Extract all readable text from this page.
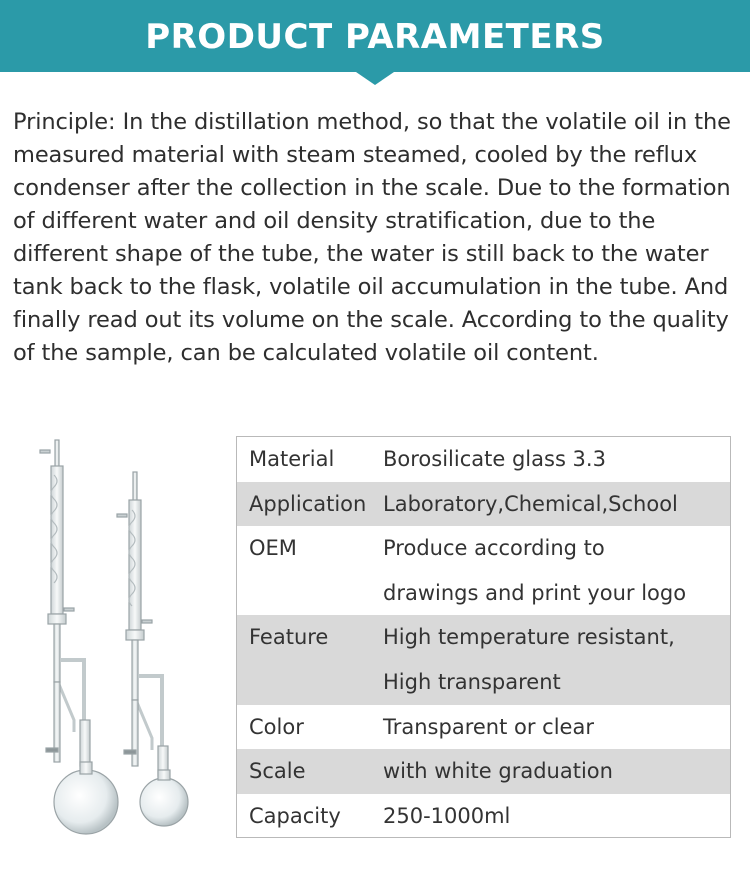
PRODUCT PARAMETERS
Principle: In the distillation method, so that the volatile oil in the measured material with steam steamed, cooled by the reflux condenser after the collection in the scale. Due to the formation of different water and oil density stratification, due to the different shape of the tube, the water is still back to the water tank back to the flask, volatile oil accumulation in the tube. And finally read out its volume on the scale. According to the quality of the sample, can be calculated volatile oil content.
Material Borosilicate glass 3.3
Application Laboratory,Chemical,School
OEM	Produce according to
drawings and print your logo
Feature	High temperature resistant,
High transparent
Color	Transparent or clear
Scale	with white graduation
Capacity 250-1000ml
